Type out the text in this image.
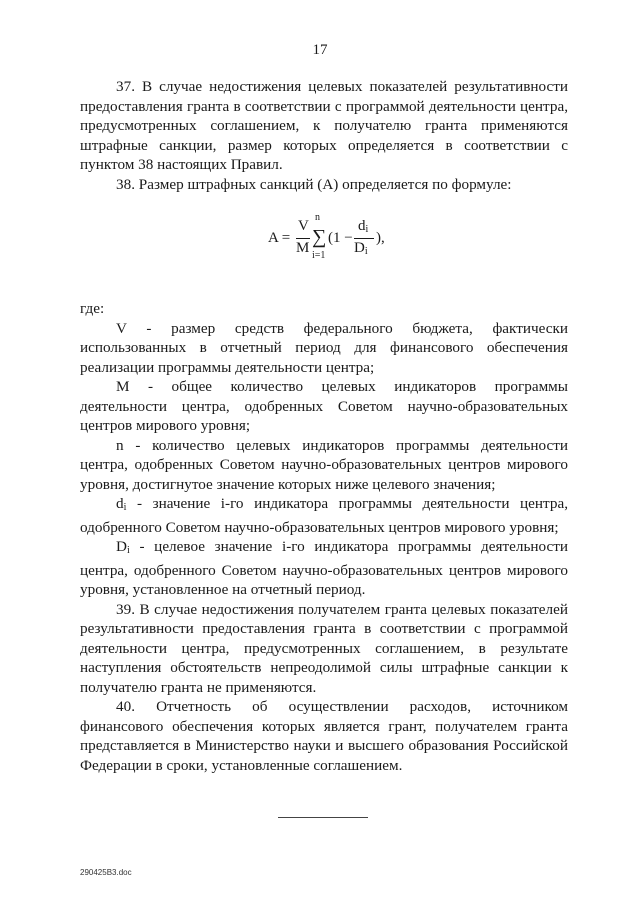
17

37. В случае недостижения целевых показателей результативности предоставления гранта в соответствии с программой деятельности центра, предусмотренных соглашением, к получателю гранта применяются штрафные санкции, размер которых определяется в соответствии с пунктом 38 настоящих Правил.

38. Размер штрафных санкций (A) определяется по формуле:

A =
V
M
n
∑
i=1
(1 −
$d_i$
$D_i$
),

где:

V - размер средств федерального бюджета, фактически использованных в отчетный период для финансового обеспечения реализации программы деятельности центра;

M - общее количество целевых индикаторов программы деятельности центра, одобренных Советом научно-образовательных центров мирового уровня;

n - количество целевых индикаторов программы деятельности центра, одобренных Советом научно-образовательных центров мирового уровня, достигнутое значение которых ниже целевого значения;

$d_i$ - значение i-го индикатора программы деятельности центра, одобренного Советом научно-образовательных центров мирового уровня;

$D_i$ - целевое значение i-го индикатора программы деятельности центра, одобренного Советом научно-образовательных центров мирового уровня, установленное на отчетный период.

39. В случае недостижения получателем гранта целевых показателей результативности предоставления гранта в соответствии с программой деятельности центра, предусмотренных соглашением, в результате наступления обстоятельств непреодолимой силы штрафные санкции к получателю гранта не применяются.

40. Отчетность об осуществлении расходов, источником финансового обеспечения которых является грант, получателем гранта представляется в Министерство науки и высшего образования Российской Федерации в сроки, установленные соглашением.

290425В3.doc
